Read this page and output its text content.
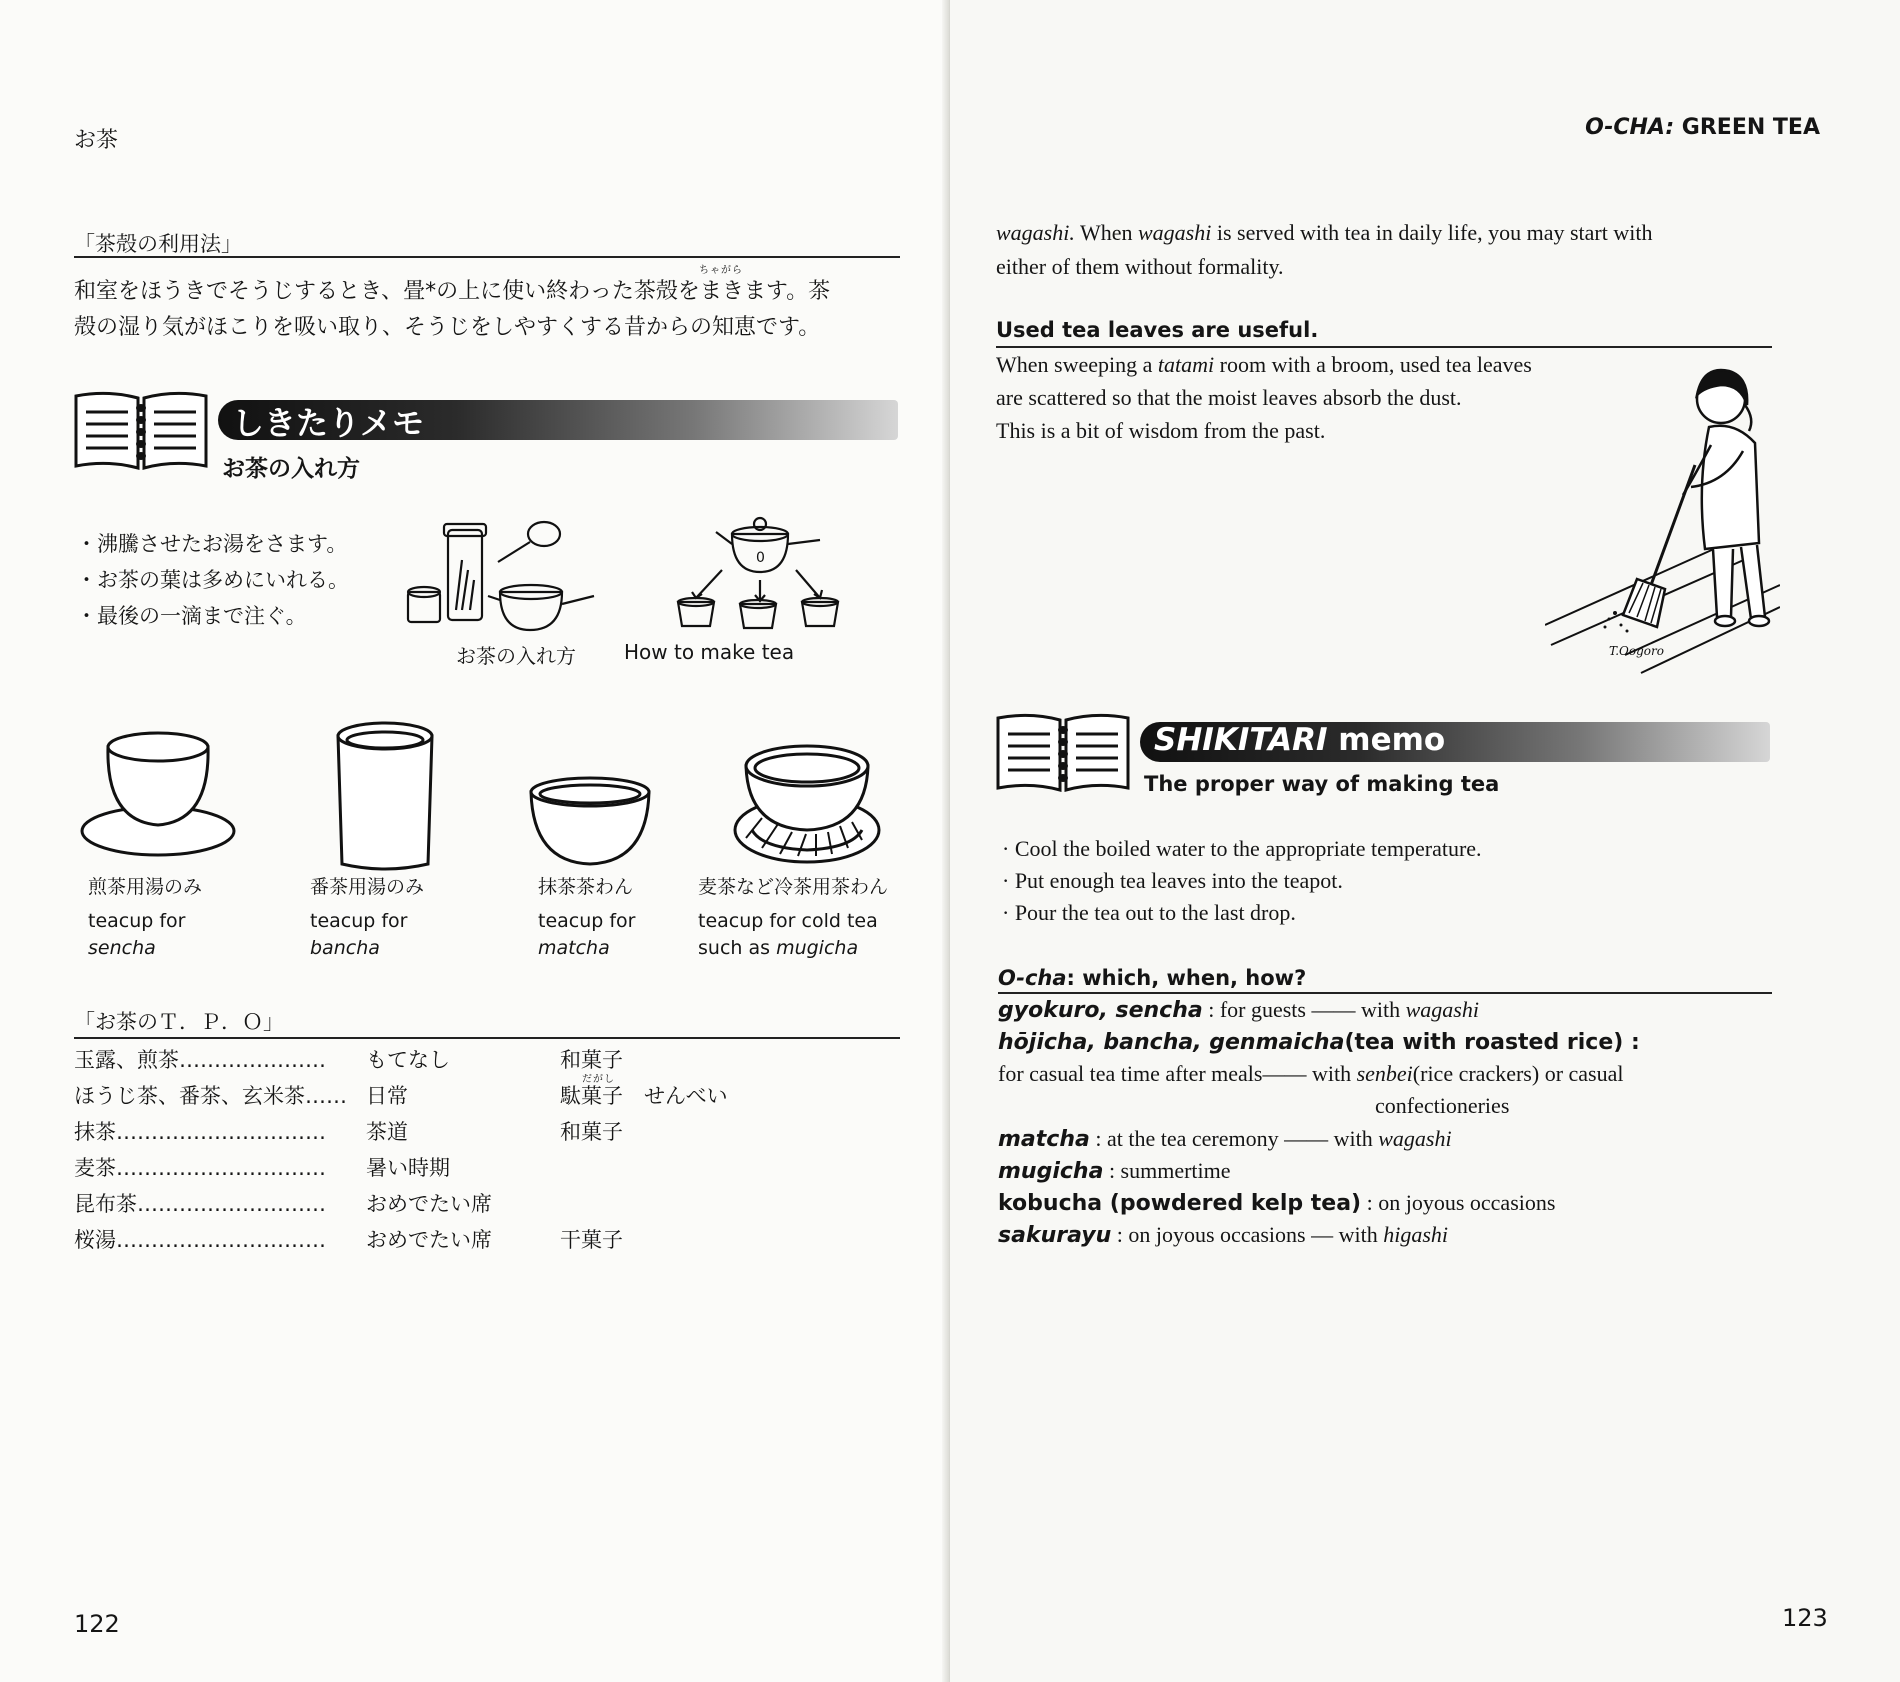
お茶
「茶殻の利用法」
ちゃがら
和室をほうきでそうじするとき、畳*の上に使い終わった茶殻をまきます。茶
殻の湿り気がほこりを吸い取り、そうじをしやすくする昔からの知恵です。
しきたりメモ
お茶の入れ方
・沸騰させたお湯をさます。
・お茶の葉は多めにいれる。
・最後の一滴まで注ぐ。
0
お茶の入れ方 How to make tea
煎茶用湯のみ
teacup for
sencha
番茶用湯のみ
teacup for
bancha
抹茶茶わん
teacup for
matcha
麦茶など冷茶用茶わん
teacup for cold tea
such as mugicha
「お茶のＴ．Ｐ．Ｏ」
玉露、煎茶………………… もてなし	和菓子
だがし
ほうじ茶、番茶、玄米茶…… 日常	駄菓子　せんべい
抹茶………………………… 茶道	和菓子
麦茶………………………… 暑い時期
昆布茶……………………… おめでたい席
桜湯………………………… おめでたい席	干菓子
122
O-CHA: GREEN TEA
wagashi. When wagashi is served with tea in daily life, you may start with
either of them without formality.
Used tea leaves are useful.
When sweeping a tatami room with a broom, used tea leaves
are scattered so that the moist leaves absorb the dust.
This is a bit of wisdom from the past.
T.Oogoro
SHIKITARI memo
The proper way of making tea
· Cool the boiled water to the appropriate temperature.
· Put enough tea leaves into the teapot.
· Pour the tea out to the last drop.
O-cha: which, when, how?
gyokuro, sencha : for guests ―― with wagashi
hōjicha, bancha, genmaicha(tea with roasted rice) :
for casual tea time after meals―― with senbei(rice crackers) or casual
confectioneries
matcha : at the tea ceremony ―― with wagashi
mugicha : summertime
kobucha (powdered kelp tea) : on joyous occasions
sakurayu : on joyous occasions ― with higashi
123
